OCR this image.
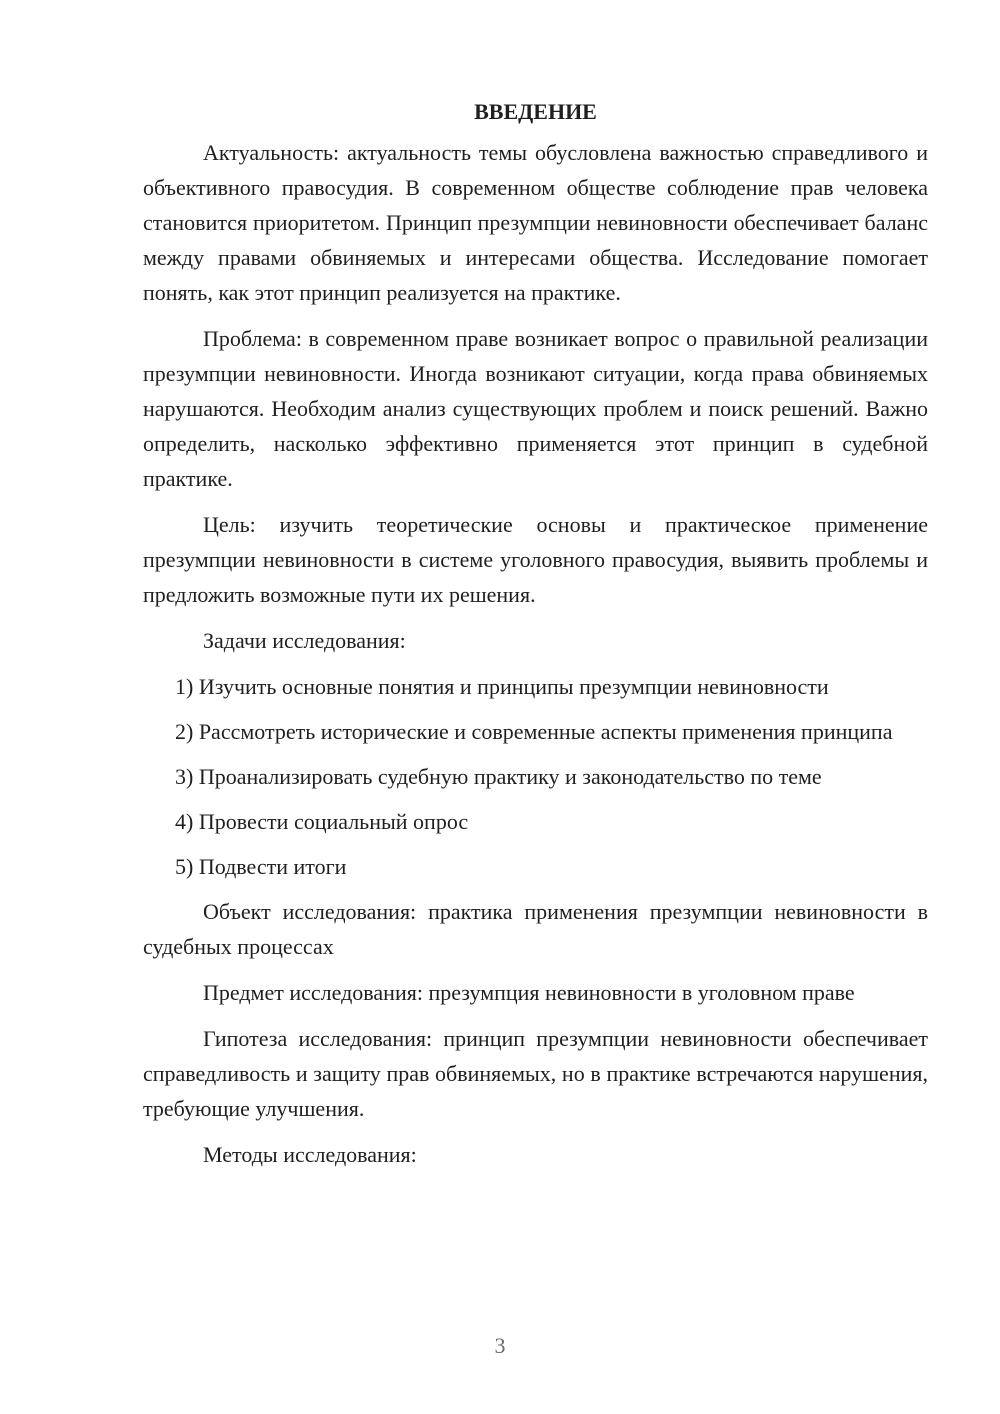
ВВЕДЕНИЕ

Актуальность: актуальность темы обусловлена важностью справедливого и объективного правосудия. В современном обществе соблюдение прав человека становится приоритетом. Принцип презумпции невиновности обеспечивает баланс между правами обвиняемых и интересами общества. Исследование помогает понять, как этот принцип реализуется на практике.

Проблема: в современном праве возникает вопрос о правильной реализации презумпции невиновности. Иногда возникают ситуации, когда права обвиняемых нарушаются. Необходим анализ существующих проблем и поиск решений. Важно определить, насколько эффективно применяется этот принцип в судебной практике.

Цель: изучить теоретические основы и практическое применение презумпции невиновности в системе уголовного правосудия, выявить проблемы и предложить возможные пути их решения.

Задачи исследования:

1) Изучить основные понятия и принципы презумпции невиновности

2) Рассмотреть исторические и современные аспекты применения принципа

3) Проанализировать судебную практику и законодательство по теме

4) Провести социальный опрос

5) Подвести итоги

Объект исследования: практика применения презумпции невиновности в судебных процессах

Предмет исследования: презумпция невиновности в уголовном праве

Гипотеза исследования: принцип презумпции невиновности обеспечивает справедливость и защиту прав обвиняемых, но в практике встречаются нарушения, требующие улучшения.

Методы исследования:

3
